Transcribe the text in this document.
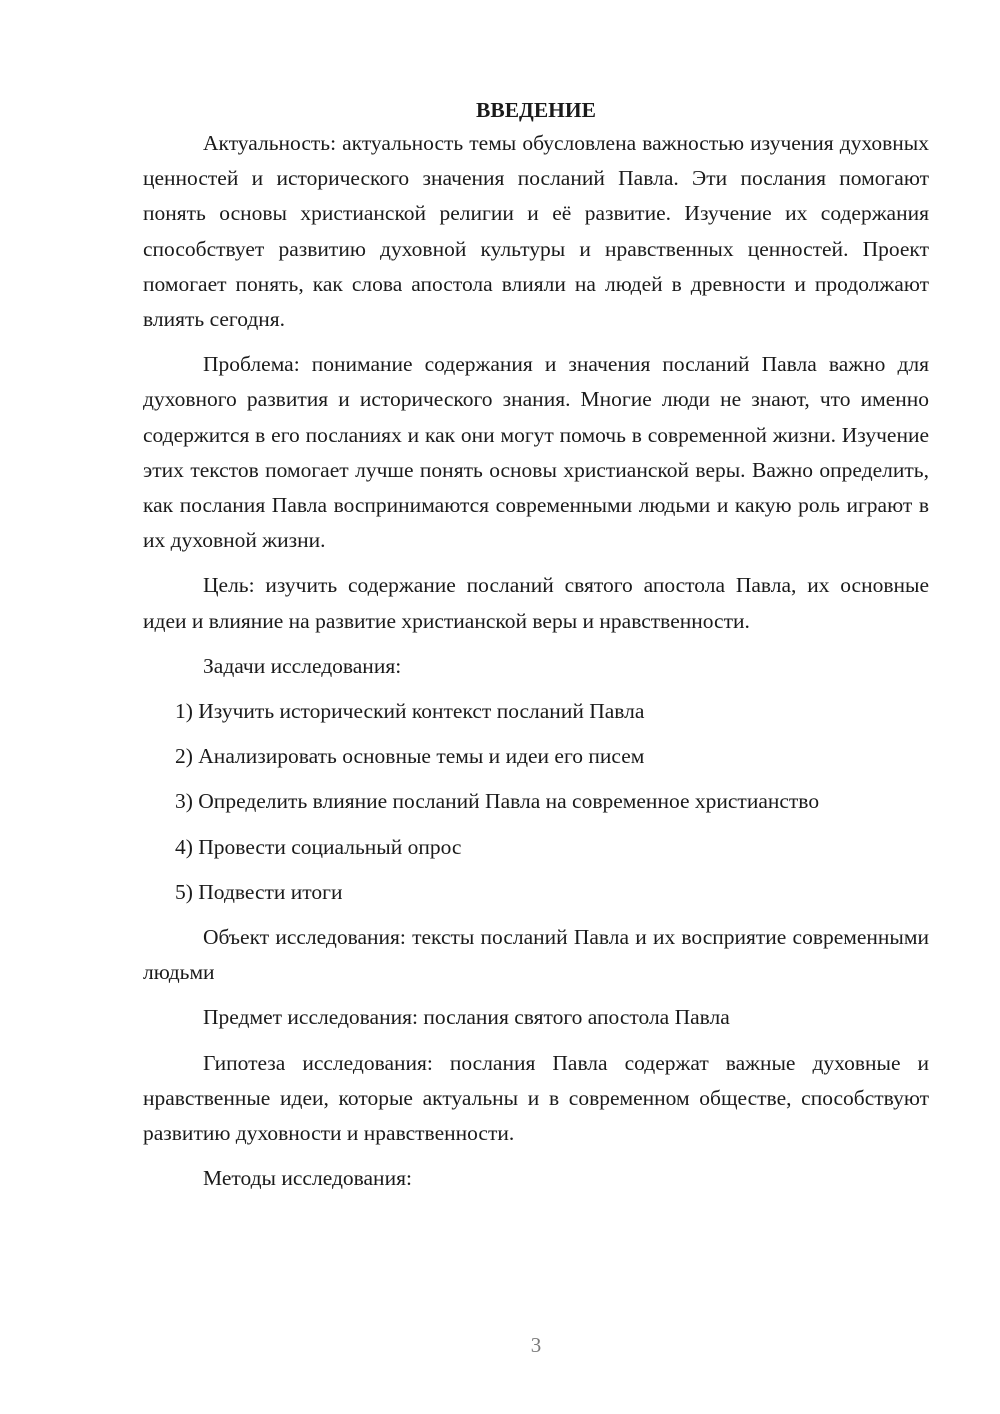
ВВЕДЕНИЕ

Актуальность: актуальность темы обусловлена важностью изучения духовных ценностей и исторического значения посланий Павла. Эти послания помогают понять основы христианской религии и её развитие. Изучение их содержания способствует развитию духовной культуры и нравственных ценностей. Проект помогает понять, как слова апостола влияли на людей в древности и продолжают влиять сегодня.

Проблема: понимание содержания и значения посланий Павла важно для духовного развития и исторического знания. Многие люди не знают, что именно содержится в его посланиях и как они могут помочь в современной жизни. Изучение этих текстов помогает лучше понять основы христианской веры. Важно определить, как послания Павла воспринимаются современными людьми и какую роль играют в их духовной жизни.

Цель: изучить содержание посланий святого апостола Павла, их основные идеи и влияние на развитие христианской веры и нравственности.

Задачи исследования:

1) Изучить исторический контекст посланий Павла
2) Анализировать основные темы и идеи его писем
3) Определить влияние посланий Павла на современное христианство
4) Провести социальный опрос
5) Подвести итоги

Объект исследования: тексты посланий Павла и их восприятие современными людьми

Предмет исследования: послания святого апостола Павла

Гипотеза исследования: послания Павла содержат важные духовные и нравственные идеи, которые актуальны и в современном обществе, способствуют развитию духовности и нравственности.

Методы исследования:

3
